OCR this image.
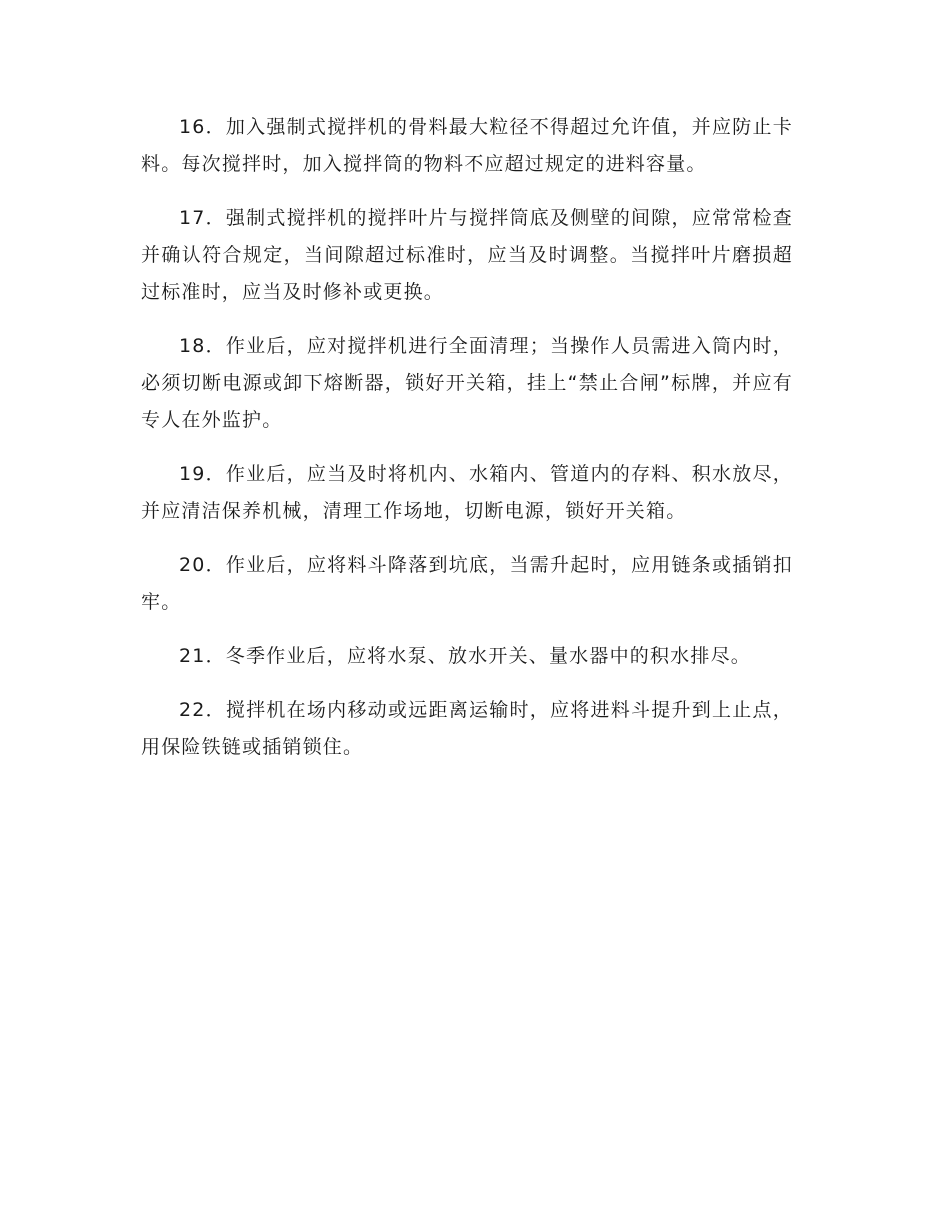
16．加入强制式搅拌机的骨料最大粒径不得超过允许值，并应防止卡料。每次搅拌时，加入搅拌筒的物料不应超过规定的进料容量。

17．强制式搅拌机的搅拌叶片与搅拌筒底及侧壁的间隙，应常常检查并确认符合规定，当间隙超过标准时，应当及时调整。当搅拌叶片磨损超过标准时，应当及时修补或更换。

18．作业后，应对搅拌机进行全面清理；当操作人员需进入筒内时，必须切断电源或卸下熔断器，锁好开关箱，挂上“禁止合闸”标牌，并应有专人在外监护。

19．作业后，应当及时将机内、水箱内、管道内的存料、积水放尽，并应清洁保养机械，清理工作场地，切断电源，锁好开关箱。

20．作业后，应将料斗降落到坑底，当需升起时，应用链条或插销扣牢。

21．冬季作业后，应将水泵、放水开关、量水器中的积水排尽。

22．搅拌机在场内移动或远距离运输时，应将进料斗提升到上止点，用保险铁链或插销锁住。
